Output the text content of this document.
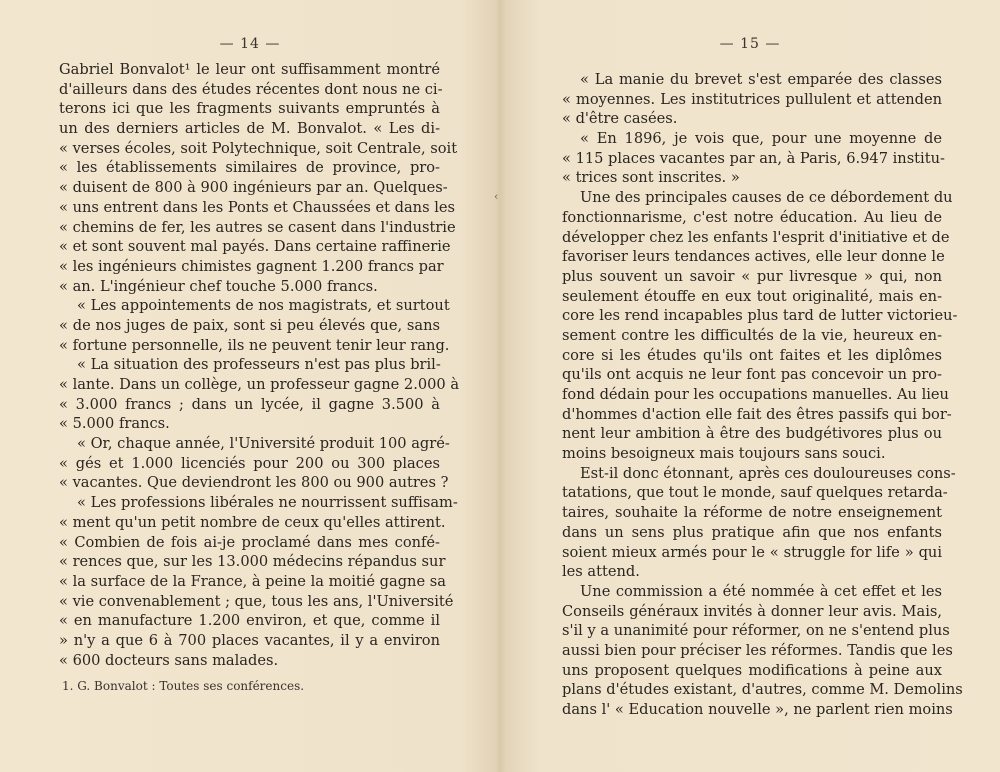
— 14 —
Gabriel Bonvalot¹ le leur ont suffisamment montré
d'ailleurs dans des études récentes dont nous ne ci-
terons ici que les fragments suivants empruntés à
un des derniers articles de M. Bonvalot. « Les di-
« verses écoles, soit Polytechnique, soit Centrale, soit
« les établissements similaires de province, pro-
« duisent de 800 à 900 ingénieurs par an. Quelques-
« uns entrent dans les Ponts et Chaussées et dans les
« chemins de fer, les autres se casent dans l'industrie
« et sont souvent mal payés. Dans certaine raffinerie
« les ingénieurs chimistes gagnent 1.200 francs par
« an. L'ingénieur chef touche 5.000 francs.
« Les appointements de nos magistrats, et surtout
« de nos juges de paix, sont si peu élevés que, sans
« fortune personnelle, ils ne peuvent tenir leur rang.
« La situation des professeurs n'est pas plus bril-
« lante. Dans un collège, un professeur gagne 2.000 à
« 3.000 francs ; dans un lycée, il gagne 3.500 à
« 5.000 francs.
« Or, chaque année, l'Université produit 100 agré-
« gés et 1.000 licenciés pour 200 ou 300 places
« vacantes. Que deviendront les 800 ou 900 autres ?
« Les professions libérales ne nourrissent suffisam-
« ment qu'un petit nombre de ceux qu'elles attirent.
« Combien de fois ai-je proclamé dans mes confé-
« rences que, sur les 13.000 médecins répandus sur
« la surface de la France, à peine la moitié gagne sa
« vie convenablement ; que, tous les ans, l'Université
« en manufacture 1.200 environ, et que, comme il
» n'y a que 6 à 700 places vacantes, il y a environ
« 600 docteurs sans malades.
1. G. Bonvalot : Toutes ses conférences.
‹
— 15 —
« La manie du brevet s'est emparée des classes
« moyennes. Les institutrices pullulent et attenden
« d'être casées.
« En 1896, je vois que, pour une moyenne de
« 115 places vacantes par an, à Paris, 6.947 institu-
« trices sont inscrites. »
Une des principales causes de ce débordement du
fonctionnarisme, c'est notre éducation. Au lieu de
développer chez les enfants l'esprit d'initiative et de
favoriser leurs tendances actives, elle leur donne le
plus souvent un savoir « pur livresque » qui, non
seulement étouffe en eux tout originalité, mais en-
core les rend incapables plus tard de lutter victorieu-
sement contre les difficultés de la vie, heureux en-
core si les études qu'ils ont faites et les diplômes
qu'ils ont acquis ne leur font pas concevoir un pro-
fond dédain pour les occupations manuelles. Au lieu
d'hommes d'action elle fait des êtres passifs qui bor-
nent leur ambition à être des budgétivores plus ou
moins besoigneux mais toujours sans souci.
Est-il donc étonnant, après ces douloureuses cons-
tatations, que tout le monde, sauf quelques retarda-
taires, souhaite la réforme de notre enseignement
dans un sens plus pratique afin que nos enfants
soient mieux armés pour le « struggle for life » qui
les attend.
Une commission a été nommée à cet effet et les
Conseils généraux invités à donner leur avis. Mais,
s'il y a unanimité pour réformer, on ne s'entend plus
aussi bien pour préciser les réformes. Tandis que les
uns proposent quelques modifications à peine aux
plans d'études existant, d'autres, comme M. Demolins
dans l' « Education nouvelle », ne parlent rien moins
